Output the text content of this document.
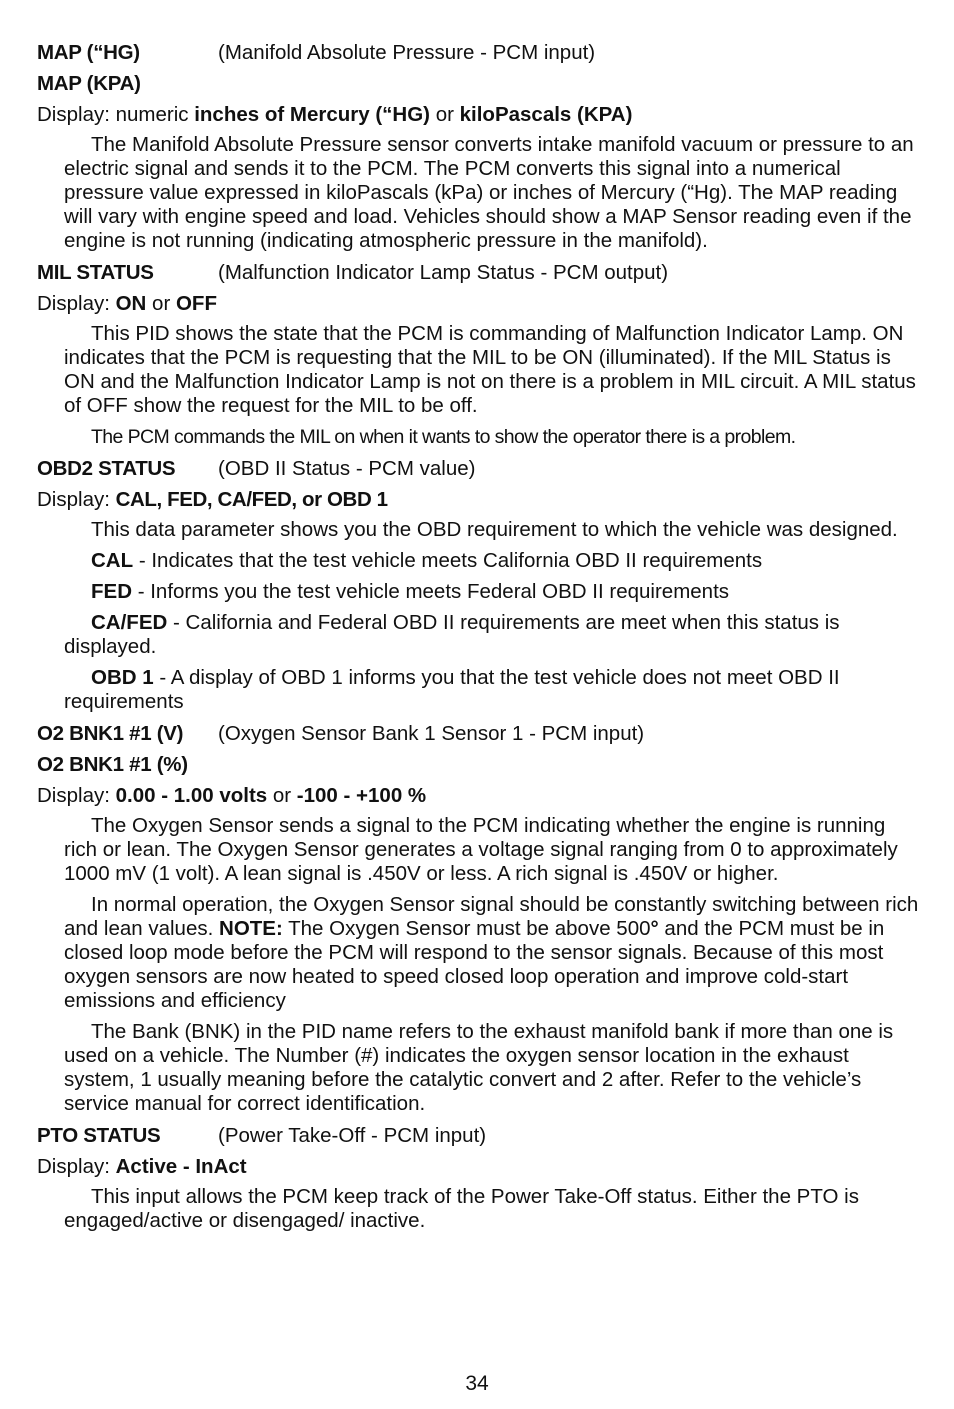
MAP (“HG)	(Manifold Absolute Pressure - PCM input)
MAP (KPA)
Display: numeric inches of Mercury (“HG) or kiloPascals (KPA)

The Manifold Absolute Pressure sensor converts intake manifold vacuum or pressure to an electric signal and sends it to the PCM. The PCM converts this signal into a numerical pressure value expressed in kiloPascals (kPa) or inches of Mercury (“Hg). The MAP reading will vary with engine speed and load. Vehicles should show a MAP Sensor reading even if the engine is not running (indicating atmospheric pressure in the manifold).

MIL STATUS	(Malfunction Indicator Lamp Status - PCM output)
Display: ON or OFF

This PID shows the state that the PCM is commanding of Malfunction Indicator Lamp. ON indicates that the PCM is requesting that the MIL to be ON (illuminated). If the MIL Status is ON and the Malfunction Indicator Lamp is not on there is a problem in MIL circuit. A MIL status of OFF show the request for the MIL to be off.

The PCM commands the MIL on when it wants to show the operator there is a problem.

OBD2 STATUS (OBD II Status - PCM value)
Display: CAL, FED, CA/FED, or OBD 1

This data parameter shows you the OBD requirement to which the vehicle was designed.

CAL - Indicates that the test vehicle meets California OBD II requirements

FED - Informs you the test vehicle meets Federal OBD II requirements

CA/FED - California and Federal OBD II requirements are meet when this status is displayed.

OBD 1 - A display of OBD 1 informs you that the test vehicle does not meet OBD II requirements

O2 BNK1 #1 (V) (Oxygen Sensor Bank 1 Sensor 1 - PCM input)
O2 BNK1 #1 (%)
Display: 0.00 - 1.00 volts or -100 - +100 %

The Oxygen Sensor sends a signal to the PCM indicating whether the engine is running rich or lean. The Oxygen Sensor generates a voltage signal ranging from 0 to approximately 1000 mV (1 volt). A lean signal is .450V or less. A rich signal is .450V or higher.

In normal operation, the Oxygen Sensor signal should be constantly switching between rich and lean values. NOTE: The Oxygen Sensor must be above 500° and the PCM must be in closed loop mode before the PCM will respond to the sensor signals. Because of this most oxygen sensors are now heated to speed closed loop operation and improve cold-start emissions and efficiency

The Bank (BNK) in the PID name refers to the exhaust manifold bank if more than one is used on a vehicle. The Number (#) indicates the oxygen sensor location in the exhaust system, 1 usually meaning before the catalytic convert and 2 after. Refer to the vehicle’s service manual for correct identification.

PTO STATUS	(Power Take-Off - PCM input)
Display: Active - InAct

This input allows the PCM keep track of the Power Take-Off status. Either the PTO is engaged/active or disengaged/ inactive.

34
